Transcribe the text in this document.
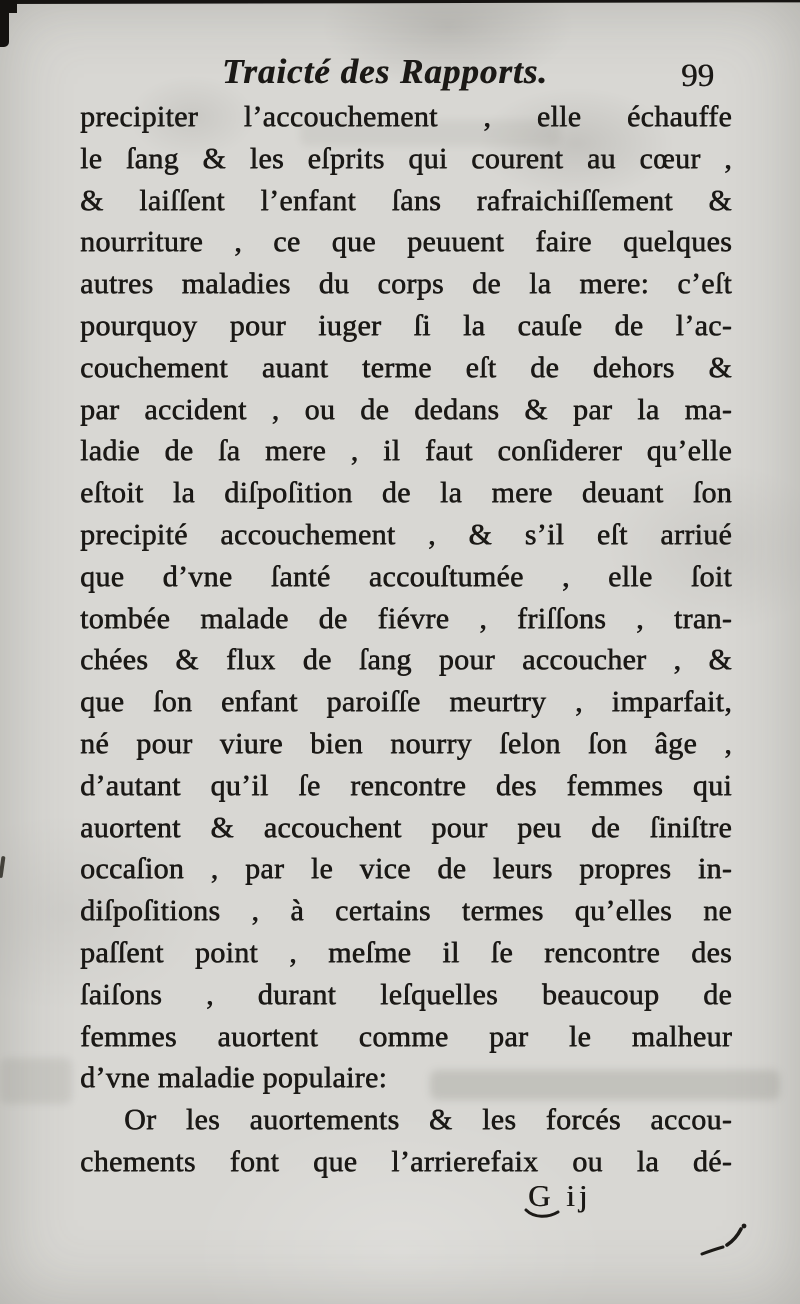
Traicté des Rapports.	99
precipiter l’accouchement , elle échauffe
le ſang & les eſprits qui courent au cœur ,
& laiſſent l’enfant ſans rafraichiſſement &
nourriture , ce que peuuent faire quelques
autres maladies du corps de la mere: c’eſt
pourquoy pour iuger ſi la cauſe de l’ac-
couchement auant terme eſt de dehors &
par accident , ou de dedans & par la ma-
ladie de ſa mere , il faut conſiderer qu’elle
eſtoit la diſpoſition de la mere deuant ſon
precipité accouchement , & s’il eſt arriué
que d’vne ſanté accouſtumée , elle ſoit
tombée malade de fiévre , friſſons , tran-
chées & flux de ſang pour accoucher , &
que ſon enfant paroiſſe meurtry , imparfait,
né pour viure bien nourry ſelon ſon âge ,
d’autant qu’il ſe rencontre des femmes qui
auortent & accouchent pour peu de ſiniſtre
occaſion , par le vice de leurs propres in-
diſpoſitions , à certains termes qu’elles ne
paſſent point , meſme il ſe rencontre des
ſaiſons , durant leſquelles beaucoup de
femmes auortent comme par le malheur
d’vne maladie populaire:
Or les auortements & les forcés accou-
chements font que l’arrierefaix ou la dé-
G ij
